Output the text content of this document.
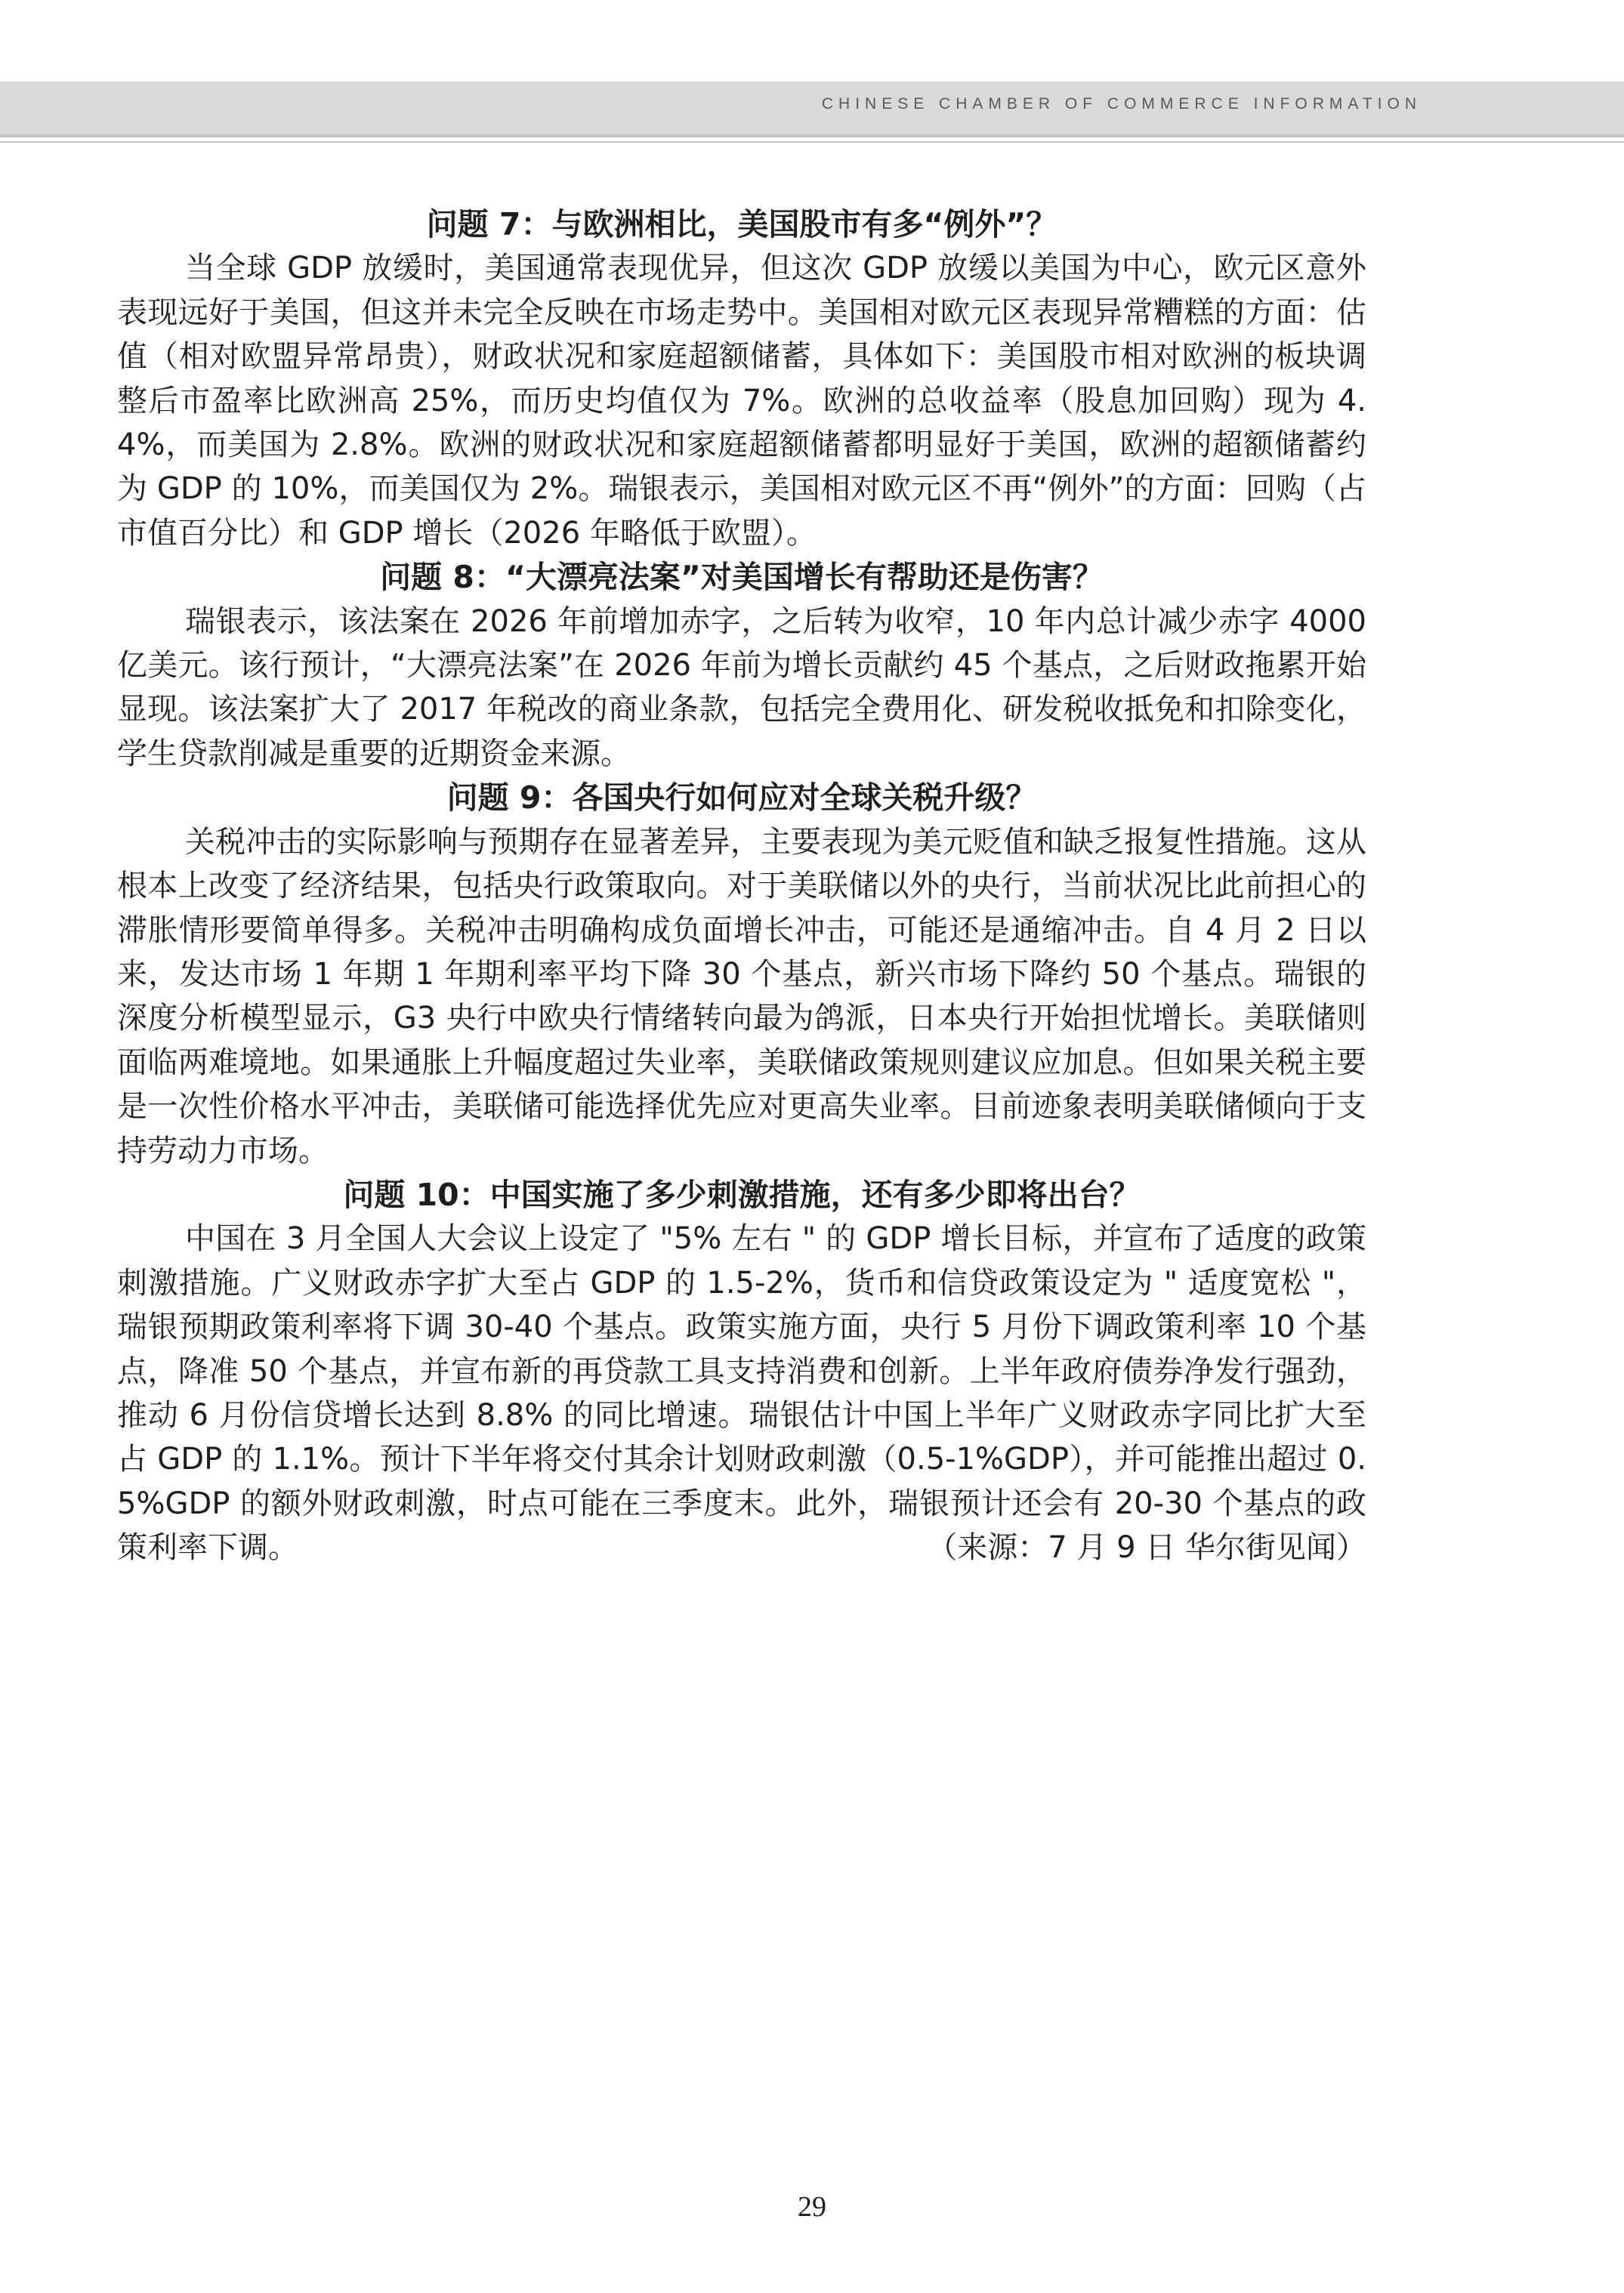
CHINESE CHAMBER OF COMMERCE INFORMATION
问题 7：与欧洲相比，美国股市有多“例外”？

当全球 GDP 放缓时，美国通常表现优异，但这次 GDP 放缓以美国为中心，欧元区意外表现远好于美国，但这并未完全反映在市场走势中。美国相对欧元区表现异常糟糕的方面：估值（相对欧盟异常昂贵），财政状况和家庭超额储蓄，具体如下：美国股市相对欧洲的板块调整后市盈率比欧洲高 25%，而历史均值仅为 7%。欧洲的总收益率（股息加回购）现为 4.4%，而美国为 2.8%。欧洲的财政状况和家庭超额储蓄都明显好于美国，欧洲的超额储蓄约为 GDP 的 10%，而美国仅为 2%。瑞银表示，美国相对欧元区不再“例外”的方面：回购（占市值百分比）和 GDP 增长（2026 年略低于欧盟）。

问题 8：“大漂亮法案”对美国增长有帮助还是伤害？

瑞银表示，该法案在 2026 年前增加赤字，之后转为收窄，10 年内总计减少赤字 4000 亿美元。该行预计，“大漂亮法案”在 2026 年前为增长贡献约 45 个基点，之后财政拖累开始显现。该法案扩大了 2017 年税改的商业条款，包括完全费用化、研发税收抵免和扣除变化，学生贷款削减是重要的近期资金来源。

问题 9：各国央行如何应对全球关税升级？

关税冲击的实际影响与预期存在显著差异，主要表现为美元贬值和缺乏报复性措施。这从根本上改变了经济结果，包括央行政策取向。对于美联储以外的央行，当前状况比此前担心的滞胀情形要简单得多。关税冲击明确构成负面增长冲击，可能还是通缩冲击。自 4 月 2 日以来，发达市场 1 年期 1 年期利率平均下降 30 个基点，新兴市场下降约 50 个基点。瑞银的深度分析模型显示，G3 央行中欧央行情绪转向最为鸽派，日本央行开始担忧增长。美联储则面临两难境地。如果通胀上升幅度超过失业率，美联储政策规则建议应加息。但如果关税主要是一次性价格水平冲击，美联储可能选择优先应对更高失业率。目前迹象表明美联储倾向于支持劳动力市场。

问题 10：中国实施了多少刺激措施，还有多少即将出台？

中国在 3 月全国人大会议上设定了 "5% 左右 " 的 GDP 增长目标，并宣布了适度的政策刺激措施。广义财政赤字扩大至占 GDP 的 1.5-2%，货币和信贷政策设定为 " 适度宽松 "，瑞银预期政策利率将下调 30-40 个基点。政策实施方面，央行 5 月份下调政策利率 10 个基点，降准 50 个基点，并宣布新的再贷款工具支持消费和创新。上半年政府债券净发行强劲，推动 6 月份信贷增长达到 8.8% 的同比增速。瑞银估计中国上半年广义财政赤字同比扩大至占 GDP 的 1.1%。预计下半年将交付其余计划财政刺激（0.5-1%GDP），并可能推出超过 0.5%GDP 的额外财政刺激，时点可能在三季度末。此外，瑞银预计还会有 20-30 个基点的政策利率下调。	（来源：7 月 9 日 华尔街见闻）

29
